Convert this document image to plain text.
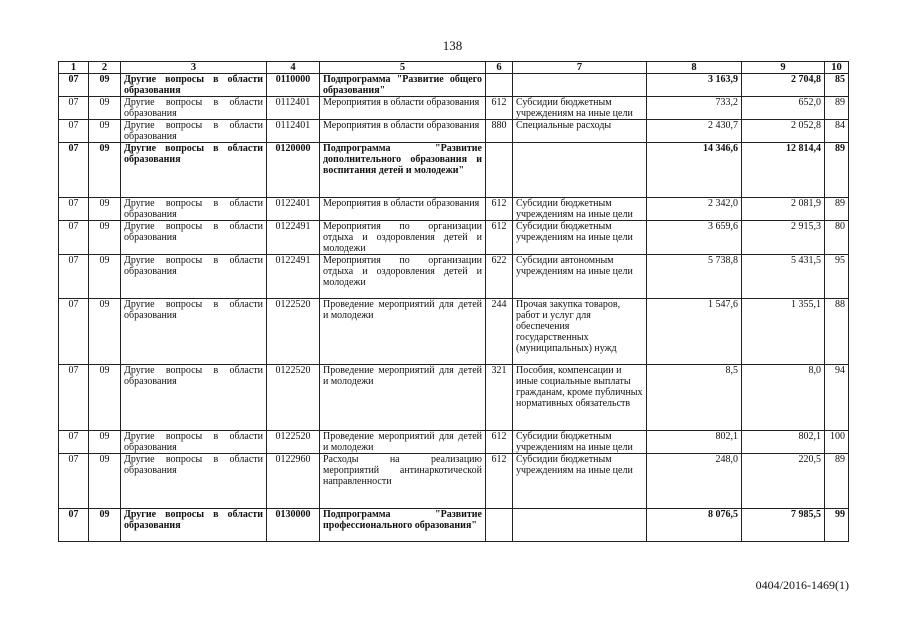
138
1	2	3	4	5	6	7	8	9	10
07	09	Другие вопросы в области образования	0110000	Подпрограмма "Развитие общего образования"			3 163,9	2 704,8	85
07	09	Другие вопросы в области образования	0112401	Мероприятия в области образования	612	Субсидии бюджетным учреждениям на иные цели	733,2	652,0	89
07	09	Другие вопросы в области образования	0112401	Мероприятия в области образования	880	Специальные расходы	2 430,7	2 052,8	84
07	09	Другие вопросы в области образования	0120000	Подпрограмма "Развитие дополнительного образования и воспитания детей и молодежи"			14 346,6	12 814,4	89
07	09	Другие вопросы в области образования	0122401	Мероприятия в области образования	612	Субсидии бюджетным учреждениям на иные цели	2 342,0	2 081,9	89
07	09	Другие вопросы в области образования	0122491	Мероприятия по организации отдыха и оздоровления детей и молодежи	612	Субсидии бюджетным учреждениям на иные цели	3 659,6	2 915,3	80
07	09	Другие вопросы в области образования	0122491	Мероприятия по организации отдыха и оздоровления детей и молодежи	622	Субсидии автономным учреждениям на иные цели	5 738,8	5 431,5	95
07	09	Другие вопросы в области образования	0122520	Проведение мероприятий для детей и молодежи	244	Прочая закупка товаров, работ и услуг для обеспечения государственных (муниципальных) нужд	1 547,6	1 355,1	88
07	09	Другие вопросы в области образования	0122520	Проведение мероприятий для детей и молодежи	321	Пособия, компенсации и иные социальные выплаты гражданам, кроме публичных нормативных обязательств	8,5	8,0	94
07	09	Другие вопросы в области образования	0122520	Проведение мероприятий для детей и молодежи	612	Субсидии бюджетным учреждениям на иные цели	802,1	802,1	100
07	09	Другие вопросы в области образования	0122960	Расходы на реализацию мероприятий антинаркотической направленности	612	Субсидии бюджетным учреждениям на иные цели	248,0	220,5	89
07	09	Другие вопросы в области образования	0130000	Подпрограмма "Развитие профессионального образования"			8 076,5	7 985,5	99
0404/2016-1469(1)
